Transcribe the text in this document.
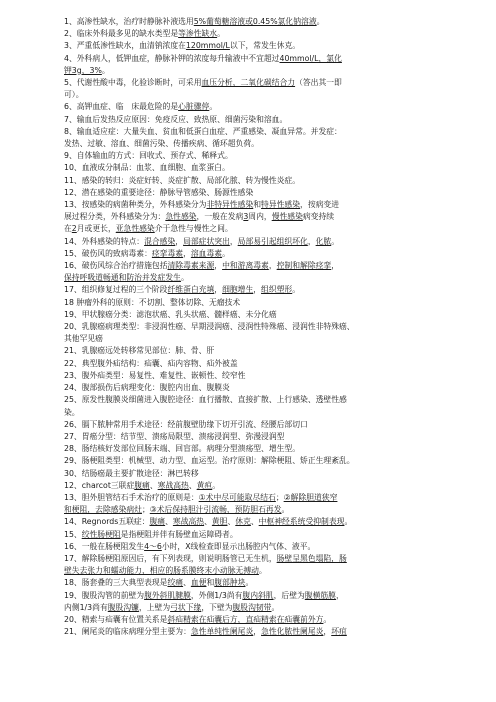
1、高渗性缺水，治疗时静脉补液选用5%葡萄糖溶液或0.45%氯化钠溶液。
2、临床外科最多见的缺水类型是等渗性缺水。
3、严重低渗性缺水，血清钠浓度在120mmol/L以下，常发生休克。
4、外科病人，低钾血症，静脉补钾的浓度每升输液中不宜超过40mmol/L，氯化
钾3g，3%。
5、代谢性酸中毒，化验诊断时，可采用血压分析，二氧化碳结合力（答出其一即
可）。
6、高钾血症、临　床最危险的是心脏骤停。
7、输血后发热反应原因：免疫反应、致热原、细菌污染和溶血。
8、输血适应症：大量失血、贫血和低蛋白血症、严重感染、凝血异常。并发症：
发热、过敏、溶血、细菌污染、传播疾病、循环超负荷。
9、自体输血的方式：回收式、预存式、稀释式。
10、血液成分制品：血浆、血细胞、血浆蛋白。
11、感染的转归：炎症好转、炎症扩散、局部化脓、转为慢性炎症。
12、潜在感染的重要途径：静脉导管感染、肠源性感染
13、按感染的病菌种类分，外科感染分为非特异性感染和特异性感染，按病变进
展过程分类，外科感染分为：急性感染，一般在发病3周内，慢性感染病变持续
在2月或更长，亚急性感染介于急性与慢性之间。
14、外科感染的特点：混合感染，局部症状突出，局部易引起组织坏化，化脓。
15、破伤风的致病毒素：痉挛毒素，溶血毒素。
16、破伤风综合治疗措施包括清除毒素来源，中和游离毒素，控制和解除痉挛，
保持呼吸道畅通和防治并发症发生。
17、组织修复过程的三个阶段纤维蛋白充填，细胞增生，组织塑形。
18 肿瘤外科的原则：不切割、整体切除、无瘤技术
19、甲状腺癌分类：滤泡状癌、乳头状癌、髓样癌、未分化癌
20、乳腺癌病理类型：非浸润性癌、早期浸润癌、浸润性特殊癌、浸润性非特殊癌、
其他罕见癌
21、乳腺癌远处转移常见部位：肺、骨、肝
22、典型腹外疝结构：疝囊、疝内容物、疝外被盖
23、腹外疝类型：易复性、难复性、嵌顿性、绞窄性
24、腹部损伤后病理变化：腹腔内出血、腹膜炎
25、原发性腹膜炎细菌进入腹腔途径：血行播散、直接扩散、上行感染、透壁性感
染。
26、膈下脓肿常用手术途径：经前腹壁肋缘下切开引流、经腰后部切口
27、胃癌分型：结节型、溃疡局限型、溃疡浸润型、弥漫浸润型
28、肠结核好发部位回肠末端、回盲部。病理分型溃疡型、增生型。
29、肠梗阻类型：机械型、动力型、血运型。治疗原则：解除梗阻、矫正生理紊乱。
30、结肠癌最主要扩散途径：淋巴转移
12、charcot三联症腹痛、寒战高热、黄疸。
13、胆外胆管结石手术治疗的原则是：①术中尽可能取尽结石；②解除胆道狭窄
和梗阻，去除感染病灶；③术后保持胆汁引流畅，预防胆石再发。
14、Regnords五联症：腹痛、寒战高热、黄胆、休克、中枢神经系统受抑制表现。
15、绞性肠梗阻是指梗阻并伴有肠壁血运障碍者。
16、一般在肠梗阻发生4～6小时，X线检查即显示出肠腔内气体、液平。
17、解除肠梗阻原因后，有下列表现，则说明肠管已无生机，肠壁呈黑色塌陷，肠
壁失去张力和蠕动能力，相应的肠系膜终末小动脉无搏动。
18、肠套叠的三大典型表现是绞痛、血便和腹部肿块。
19、腹股沟管的前壁为腹外斜肌腱膜，外侧1/3尚有腹内斜肌，后壁为腹横筋膜，
内侧1/3尚有腹股沟镰，上壁为弓状下缘，下壁为腹股沟韧带。
20、精索与疝囊有位置关系是斜疝精索在疝囊后方，直疝精索在疝囊前外方。
21、阑尾炎的临床病理分型主要为：急性单纯性阑尾炎，急性化脓性阑尾炎，坏疽
